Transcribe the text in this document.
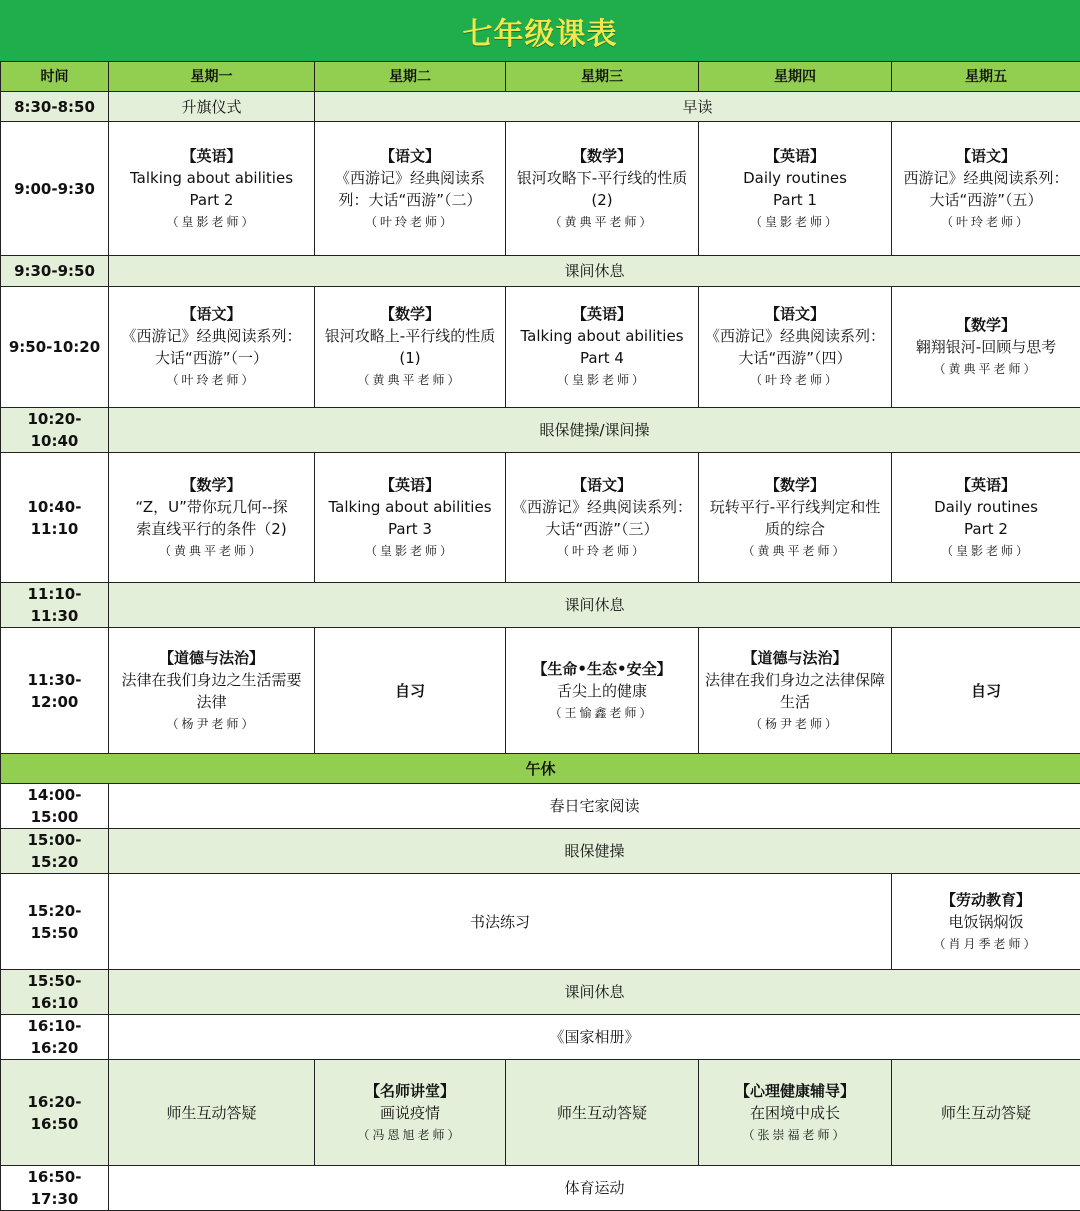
七年级课表
时间	星期一	星期二	星期三	星期四	星期五
8:30-8:50	升旗仪式	早读			
9:00-9:30	【英语】
Talking about abilities
Part 2
（皇影老师）	【语文】
《西游记》经典阅读系
列：大话“西游”（二）
（叶玲老师）	【数学】
银河攻略下-平行线的性质
(2)
（黄典平老师）	【英语】
Daily routines
Part 1
（皇影老师）	【语文】
西游记》经典阅读系列：
大话“西游”（五）
（叶玲老师）

9:30-9:50	课间休息				
9:50-10:20	【语文】
《西游记》经典阅读系列：
大话“西游”（一）
（叶玲老师）	【数学】
银河攻略上-平行线的性质
(1)
（黄典平老师）	【英语】
Talking about abilities
Part 4
（皇影老师）	【语文】
《西游记》经典阅读系列：
大话“西游”（四）
（叶玲老师）	【数学】
翱翔银河-回顾与思考
（黄典平老师）

10:20-10:40	眼保健操/课间操				
10:40-11:10	【数学】
“Z，U”带你玩几何--探
索直线平行的条件（2)
（黄典平老师）	【英语】
Talking about abilities
Part 3
（皇影老师）	【语文】
《西游记》经典阅读系列：
大话“西游”（三）
（叶玲老师）	【数学】
玩转平行-平行线判定和性
质的综合
（黄典平老师）	【英语】
Daily routines
Part 2
（皇影老师）

11:10-11:30	课间休息				
11:30-12:00	【道德与法治】
法律在我们身边之生活需要
法律
（杨尹老师）	自习	【生命•生态•安全】
舌尖上的健康
（王愉鑫老师）	【道德与法治】
法律在我们身边之法律保障
生活
（杨尹老师）	自习
午休					
14:00-15:00	春日宅家阅读				
15:00-15:20	眼保健操				
15:20-15:50	书法练习				【劳动教育】
电饭锅焖饭
（肖月季老师）

15:50-16:10	课间休息				
16:10-16:20	《国家相册》				
16:20-16:50	师生互动答疑	【名师讲堂】
画说疫情
（冯恩旭老师）	师生互动答疑	【心理健康辅导】
在困境中成长
（张崇福老师）	师生互动答疑
16:50-17:30	体育运动				
